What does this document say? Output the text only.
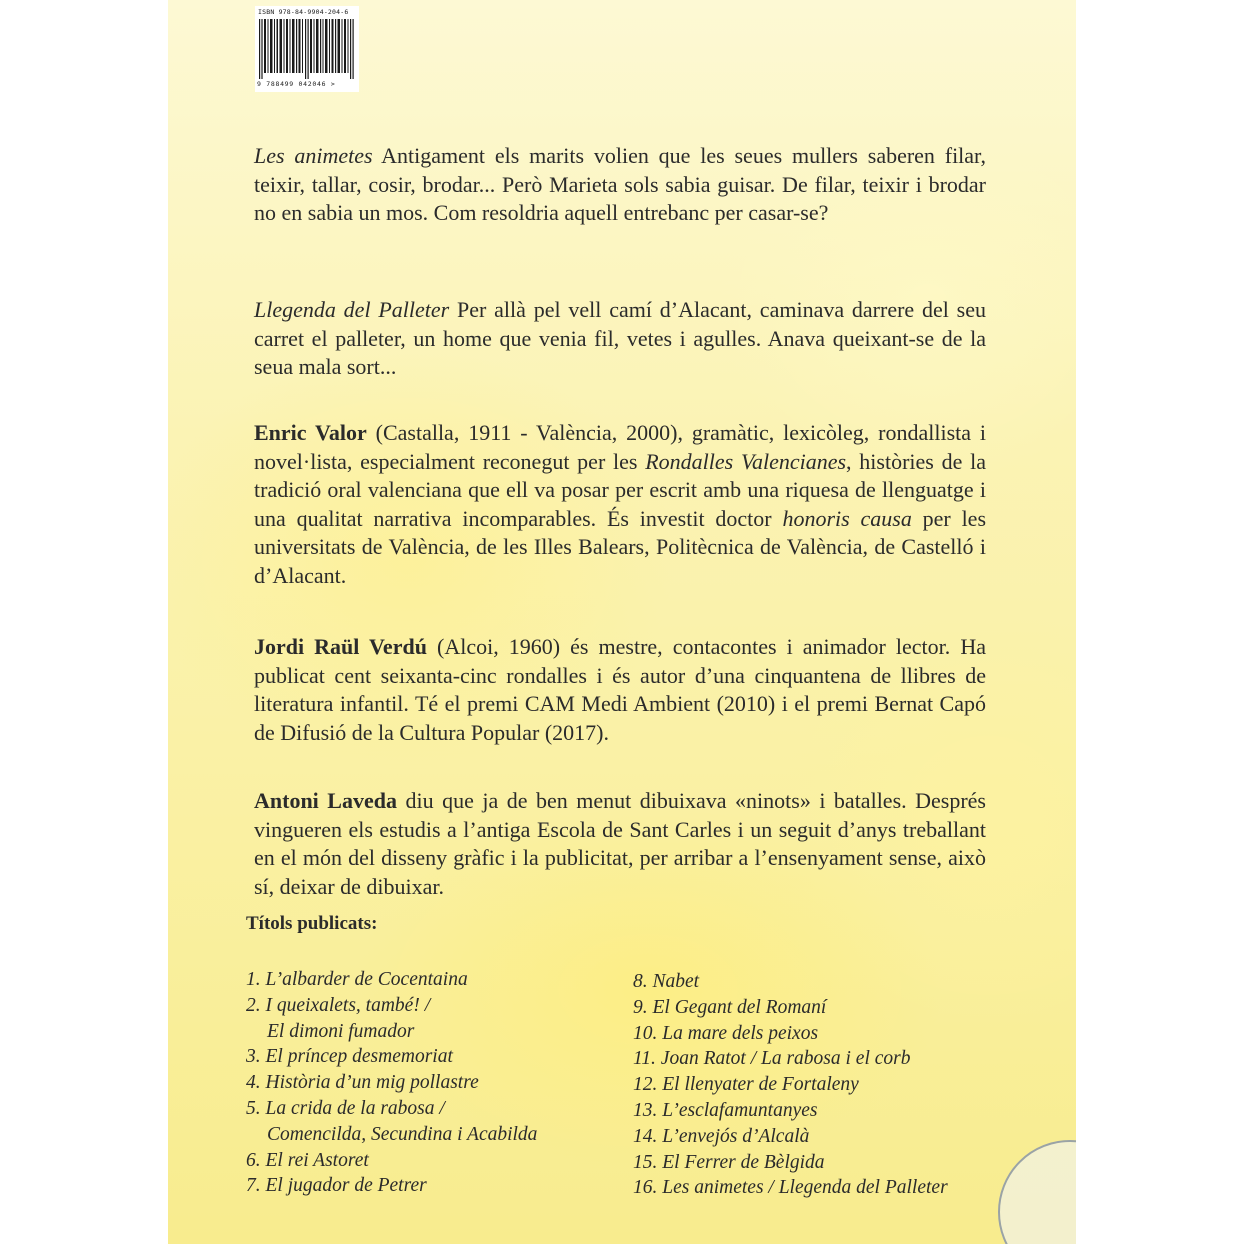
ISBN 978-84-9904-204-6
9 788499 042046 >

Les animetes Antigament els marits volien que les seues mullers saberen filar, teixir, tallar, cosir, brodar... Però Marieta sols sabia guisar. De filar, teixir i brodar no en sabia un mos. Com resoldria aquell entrebanc per casar-se?

Llegenda del Palleter Per allà pel vell camí d’Alacant, caminava darrere del seu carret el palleter, un home que venia fil, vetes i agulles. Anava queixant-se de la seua mala sort...

Enric Valor (Castalla, 1911 - València, 2000), gramàtic, lexicòleg, rondallista i novel·lista, especialment reconegut per les Rondalles Valencianes, històries de la tradició oral valenciana que ell va posar per escrit amb una riquesa de llenguatge i una qualitat narrativa incomparables. És investit doctor honoris causa per les universitats de València, de les Illes Balears, Politècnica de València, de Castelló i d’Alacant.

Jordi Raül Verdú (Alcoi, 1960) és mestre, contacontes i animador lector. Ha publicat cent seixanta-cinc rondalles i és autor d’una cinquantena de llibres de literatura infantil. Té el premi CAM Medi Ambient (2010) i el premi Bernat Capó de Difusió de la Cultura Popular (2017).

Antoni Laveda diu que ja de ben menut dibuixava «ninots» i batalles. Després vingueren els estudis a l’antiga Escola de Sant Carles i un seguit d’anys treballant en el món del disseny gràfic i la publicitat, per arribar a l’ensenyament sense, això sí, deixar de dibuixar.

Títols publicats:
1. L’albarder de Cocentaina
2. I queixalets, també! /
El dimoni fumador
3. El príncep desmemoriat
4. Història d’un mig pollastre
5. La crida de la rabosa /
Comencilda, Secundina i Acabilda
6. El rei Astoret
7. El jugador de Petrer
8. Nabet
9. El Gegant del Romaní
10. La mare dels peixos
11. Joan Ratot / La rabosa i el corb
12. El llenyater de Fortaleny
13. L’esclafamuntanyes
14. L’envejós d’Alcalà
15. El Ferrer de Bèlgida
16. Les animetes / Llegenda del Palleter
